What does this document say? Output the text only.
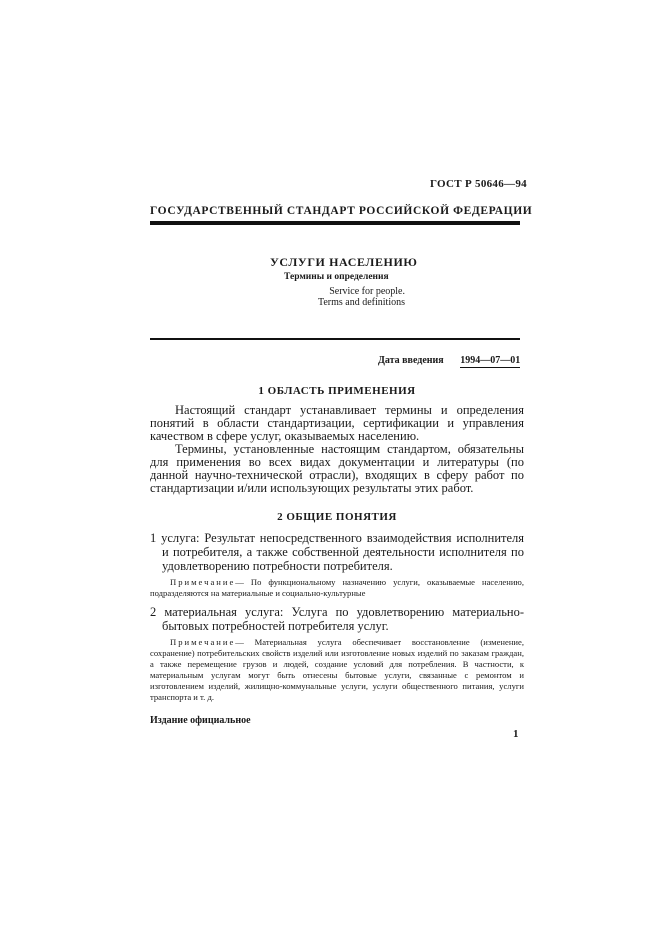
ГОСТ Р 50646—94
ГОСУДАРСТВЕННЫЙ СТАНДАРТ РОССИЙСКОЙ ФЕДЕРАЦИИ
УСЛУГИ НАСЕЛЕНИЮ
Термины и определения
Service for people.
Terms and definitions
Дата введения 1994—07—01
1 ОБЛАСТЬ ПРИМЕНЕНИЯ

Настоящий стандарт устанавливает термины и определения понятий в области стандартизации, сертификации и управления качеством в сфере услуг, оказываемых населению.

Термины, установленные настоящим стандартом, обязательны для применения во всех видах документации и литературы (по данной научно-технической отрасли), входящих в сферу работ по стандартизации и/или использующих результаты этих работ.

2 ОБЩИЕ ПОНЯТИЯ

1 услуга: Результат непосредственного взаимодействия исполнителя и потребителя, а также собственной деятельности исполнителя по удовлетворению потребности потребителя.

Примечание— По функциональному назначению услуги, оказываемые населению, подразделяются на материальные и социально-культурные

2 материальная услуга: Услуга по удовлетворению материально-бытовых потребностей потребителя услуг.

Примечание— Материальная услуга обеспечивает восстановление (изменение, сохранение) потребительских свойств изделий или изготовление новых изделий по заказам граждан, а также перемещение грузов и людей, создание условий для потребления. В частности, к материальным услугам могут быть отнесены бытовые услуги, связанные с ремонтом и изготовлением изделий, жилищно-коммунальные услуги, услуги общественного питания, услуги транспорта и т. д.

Издание официальное
1
